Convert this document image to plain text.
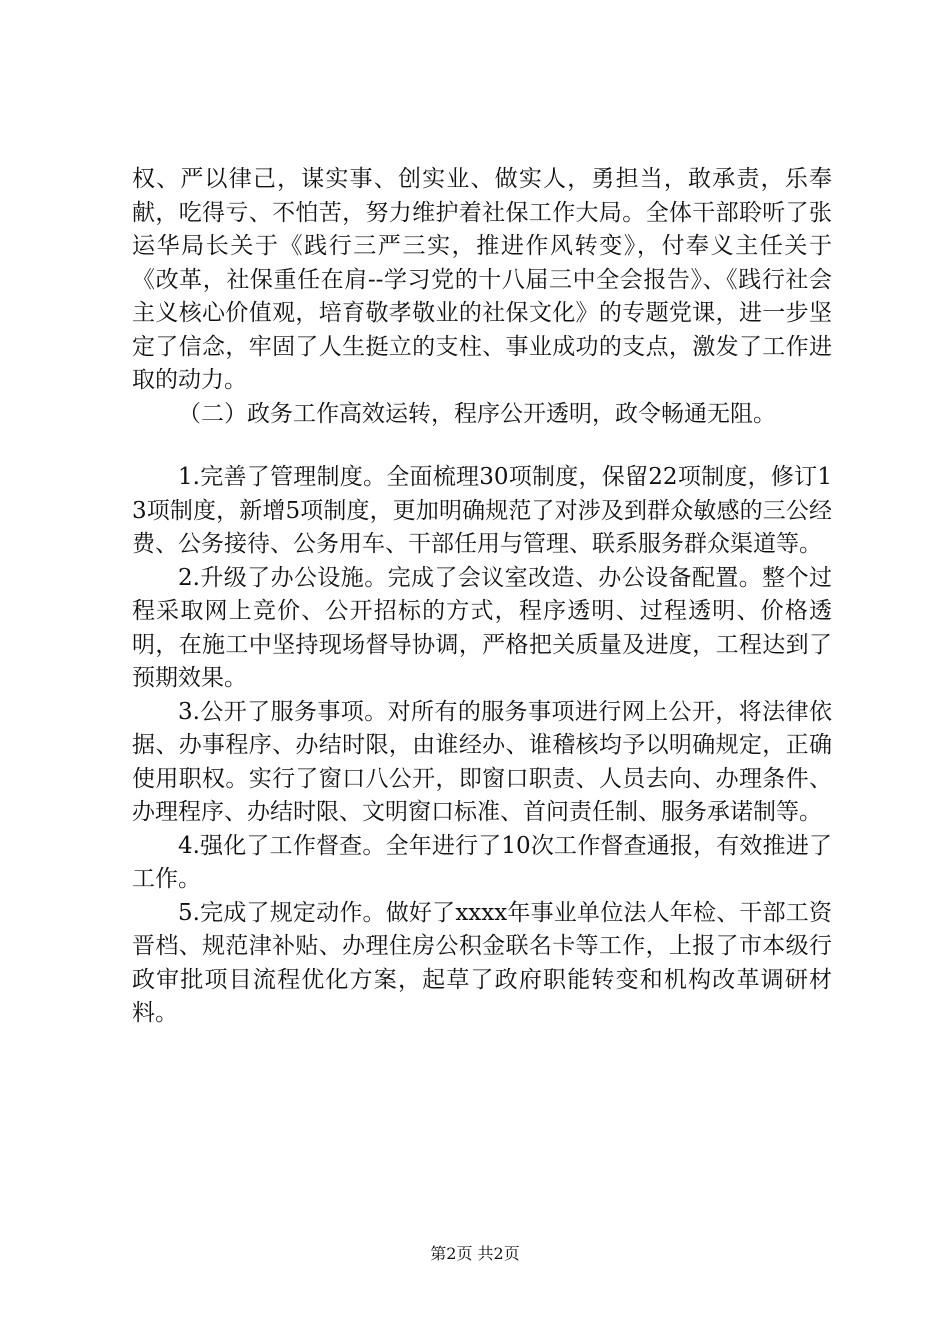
权、严以律己，谋实事、创实业、做实人，勇担当，敢承责，乐奉献，吃得亏、不怕苦，努力维护着社保工作大局。全体干部聆听了张运华局长关于《践行三严三实，推进作风转变》，付奉义主任关于《改革，社保重任在肩--学习党的十八届三中全会报告》、《践行社会主义核心价值观，培育敬孝敬业的社保文化》的专题党课，进一步坚定了信念，牢固了人生挺立的支柱、事业成功的支点，激发了工作进取的动力。

（二）政务工作高效运转，程序公开透明，政令畅通无阻。

1.完善了管理制度。全面梳理30项制度，保留22项制度，修订13项制度，新增5项制度，更加明确规范了对涉及到群众敏感的三公经费、公务接待、公务用车、干部任用与管理、联系服务群众渠道等。

2.升级了办公设施。完成了会议室改造、办公设备配置。整个过程采取网上竞价、公开招标的方式，程序透明、过程透明、价格透明，在施工中坚持现场督导协调，严格把关质量及进度，工程达到了预期效果。

3.公开了服务事项。对所有的服务事项进行网上公开，将法律依据、办事程序、办结时限，由谁经办、谁稽核均予以明确规定，正确使用职权。实行了窗口八公开，即窗口职责、人员去向、办理条件、办理程序、办结时限、文明窗口标准、首问责任制、服务承诺制等。

4.强化了工作督查。全年进行了10次工作督查通报，有效推进了工作。

5.完成了规定动作。做好了xxxx年事业单位法人年检、干部工资晋档、规范津补贴、办理住房公积金联名卡等工作，上报了市本级行政审批项目流程优化方案，起草了政府职能转变和机构改革调研材料。

第2页 共2页
